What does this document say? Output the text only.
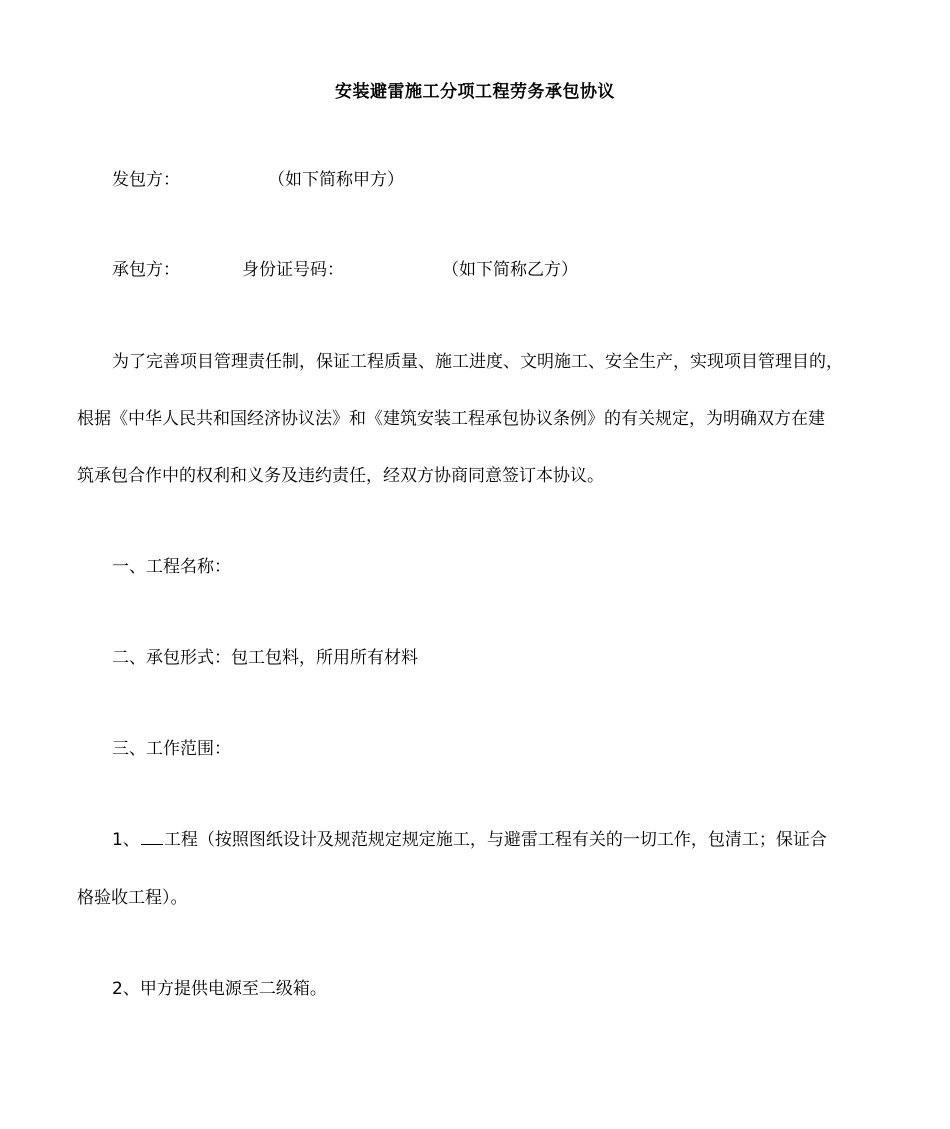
安装避雷施工分项工程劳务承包协议
发包方：	（如下简称甲方）
承包方：	身份证号码：	（如下简称乙方）
为了完善项目管理责任制，保证工程质量、施工进度、文明施工、安全生产，实现项目管理目的，
根据《中华人民共和国经济协议法》和《建筑安装工程承包协议条例》的有关规定，为明确双方在建
筑承包合作中的权利和义务及违约责任，经双方协商同意签订本协议。
一、工程名称：
二、承包形式：包工包料，所用所有材料
三、工作范围：
1、 工程（按照图纸设计及规范规定规定施工，与避雷工程有关的一切工作，包清工；保证合
格验收工程）。
2、甲方提供电源至二级箱。
